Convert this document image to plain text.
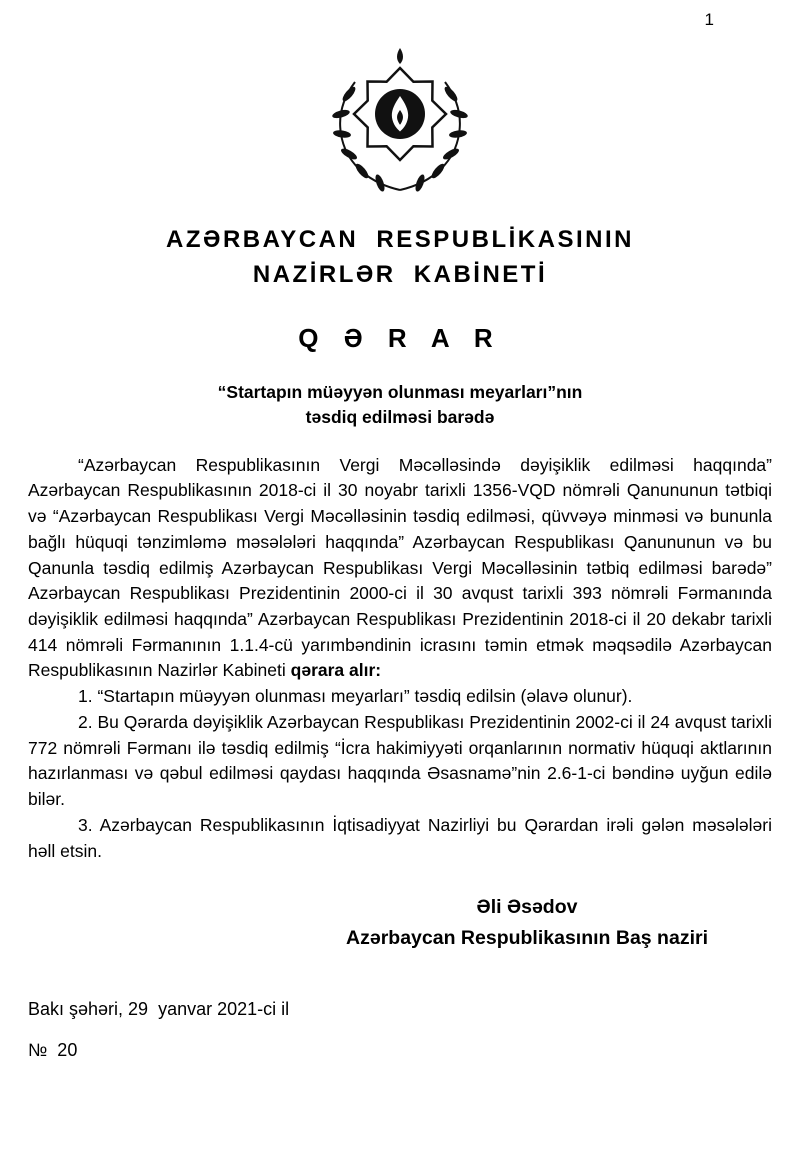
1
AZƏRBAYCAN RESPUBLİKASININ
NAZİRLƏR KABİNETİ
Q Ə R A R
“Startapın müəyyən olunması meyarları”nın
təsdiq edilməsi barədə

“Azərbaycan Respublikasının Vergi Məcəlləsində dəyişiklik edilməsi haqqında” Azərbaycan Respublikasının 2018-ci il 30 noyabr tarixli 1356-VQD nömrəli Qanununun tətbiqi və “Azərbaycan Respublikası Vergi Məcəlləsinin təsdiq edilməsi, qüvvəyə minməsi və bununla bağlı hüquqi tənzimləmə məsələləri haqqında” Azərbaycan Respublikası Qanununun və bu Qanunla təsdiq edilmiş Azərbaycan Respublikası Vergi Məcəlləsinin tətbiq edilməsi barədə” Azərbaycan Respublikası Prezidentinin 2000-ci il 30 avqust tarixli 393 nömrəli Fərmanında dəyişiklik edilməsi haqqında” Azərbaycan Respublikası Prezidentinin 2018-ci il 20 dekabr tarixli 414 nömrəli Fərmanının 1.1.4-cü yarımbəndinin icrasını təmin etmək məqsədilə Azərbaycan Respublikasının Nazirlər Kabineti qərara alır:

1. “Startapın müəyyən olunması meyarları” təsdiq edilsin (əlavə olunur).

2. Bu Qərarda dəyişiklik Azərbaycan Respublikası Prezidentinin 2002-ci il 24 avqust tarixli 772 nömrəli Fərmanı ilə təsdiq edilmiş “İcra hakimiyyəti orqanlarının normativ hüquqi aktlarının hazırlanması və qəbul edilməsi qaydası haqqında Əsasnamə”nin 2.6-1-ci bəndinə uyğun edilə bilər.

3. Azərbaycan Respublikasının İqtisadiyyat Nazirliyi bu Qərardan irəli gələn məsələləri həll etsin.

Əli Əsədov
Azərbaycan Respublikasının Baş naziri
Bakı şəhəri, 29  yanvar 2021-ci il
№  20
